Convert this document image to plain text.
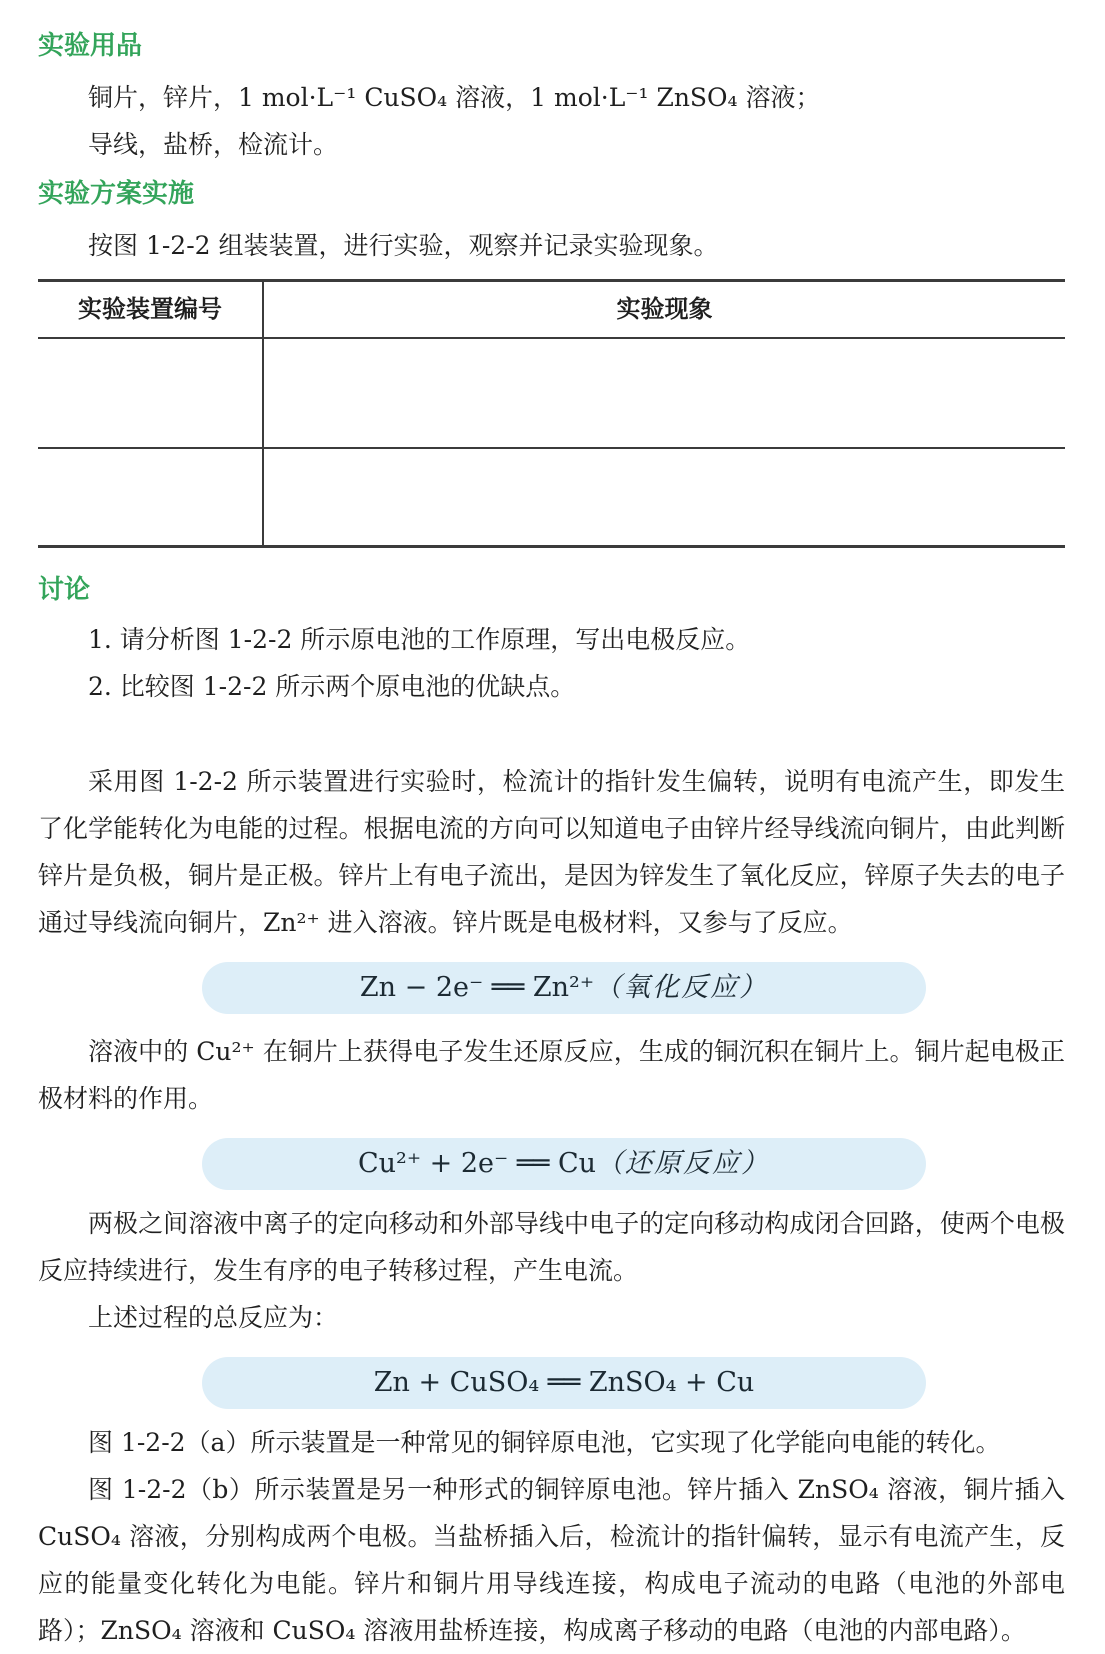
实验用品

铜片，锌片，1 mol·L⁻¹ CuSO₄ 溶液，1 mol·L⁻¹ ZnSO₄ 溶液；

导线，盐桥，检流计。

实验方案实施

按图 1-2-2 组装装置，进行实验，观察并记录实验现象。

实验装置编号	实验现象

讨论

1. 请分析图 1-2-2 所示原电池的工作原理，写出电极反应。

2. 比较图 1-2-2 所示两个原电池的优缺点。

采用图 1-2-2 所示装置进行实验时，检流计的指针发生偏转，说明有电流产生，即发生了化学能转化为电能的过程。根据电流的方向可以知道电子由锌片经导线流向铜片，由此判断锌片是负极，铜片是正极。锌片上有电子流出，是因为锌发生了氧化反应，锌原子失去的电子通过导线流向铜片，Zn²⁺ 进入溶液。锌片既是电极材料，又参与了反应。

Zn − 2e⁻ ══ Zn²⁺ （氧化反应）

溶液中的 Cu²⁺ 在铜片上获得电子发生还原反应，生成的铜沉积在铜片上。铜片起电极正极材料的作用。

Cu²⁺ + 2e⁻ ══ Cu （还原反应）

两极之间溶液中离子的定向移动和外部导线中电子的定向移动构成闭合回路，使两个电极反应持续进行，发生有序的电子转移过程，产生电流。

上述过程的总反应为：

Zn + CuSO₄ ══ ZnSO₄ + Cu

图 1-2-2（a）所示装置是一种常见的铜锌原电池，它实现了化学能向电能的转化。

图 1-2-2（b）所示装置是另一种形式的铜锌原电池。锌片插入 ZnSO₄ 溶液，铜片插入 CuSO₄ 溶液，分别构成两个电极。当盐桥插入后，检流计的指针偏转，显示有电流产生，反应的能量变化转化为电能。锌片和铜片用导线连接，构成电子流动的电路（电池的外部电路）；ZnSO₄ 溶液和 CuSO₄ 溶液用盐桥连接，构成离子移动的电路（电池的内部电路）。
